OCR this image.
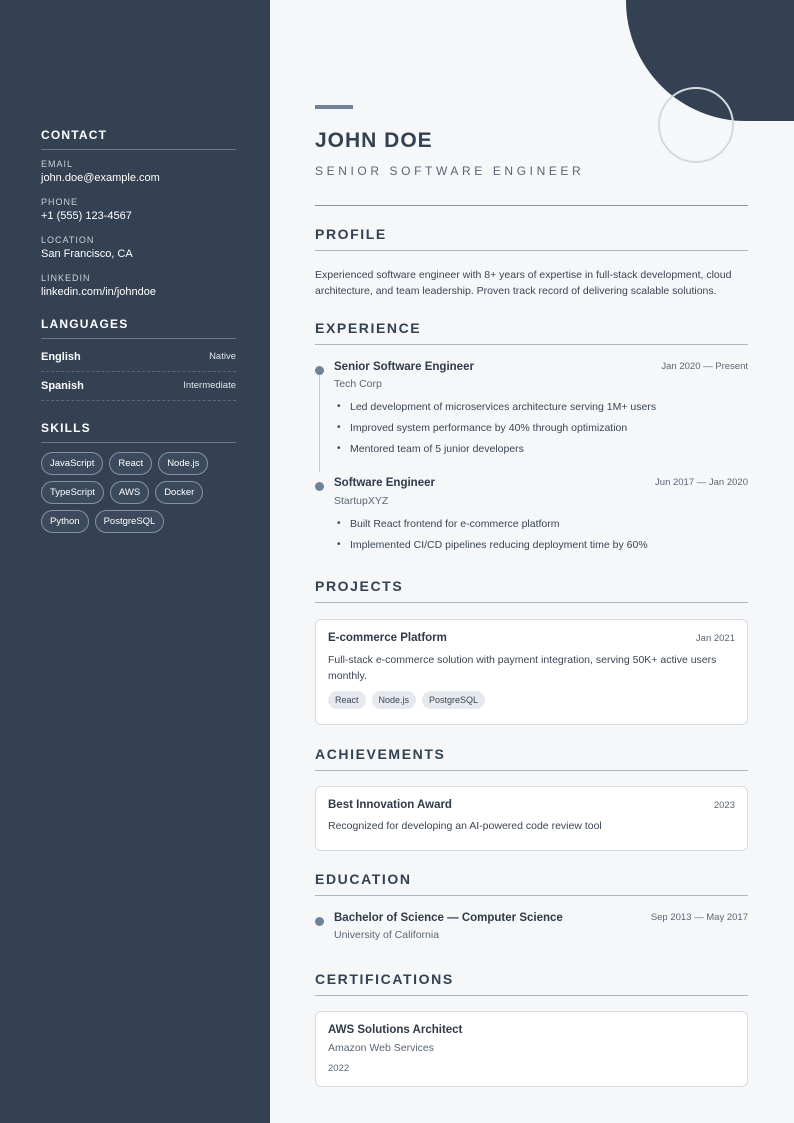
CONTACT
EMAIL
john.doe@example.com
PHONE
+1 (555) 123-4567
LOCATION
San Francisco, CA
LINKEDIN
linkedin.com/in/johndoe
LANGUAGES
English	Native
Spanish	Intermediate
SKILLS
JavaScript	React	Node.js
TypeScript	AWS	Docker
Python	PostgreSQL
JOHN DOE
SENIOR SOFTWARE ENGINEER
PROFILE

Experienced software engineer with 8+ years of expertise in full-stack development, cloud architecture, and team leadership. Proven track record of delivering scalable solutions.

EXPERIENCE
Senior Software Engineer	Jan 2020 — Present
Tech Corp
• Led development of microservices architecture serving 1M+ users
• Improved system performance by 40% through optimization
• Mentored team of 5 junior developers
Software Engineer	Jun 2017 — Jan 2020
StartupXYZ
• Built React frontend for e-commerce platform
• Implemented CI/CD pipelines reducing deployment time by 60%
PROJECTS
E-commerce Platform	Jan 2021
Full-stack e-commerce solution with payment integration, serving 50K+ active users monthly.
React	Node.js	PostgreSQL
ACHIEVEMENTS
Best Innovation Award	2023
Recognized for developing an AI-powered code review tool
EDUCATION
Bachelor of Science — Computer Science	Sep 2013 — May 2017
University of California
CERTIFICATIONS
AWS Solutions Architect
Amazon Web Services
2022
